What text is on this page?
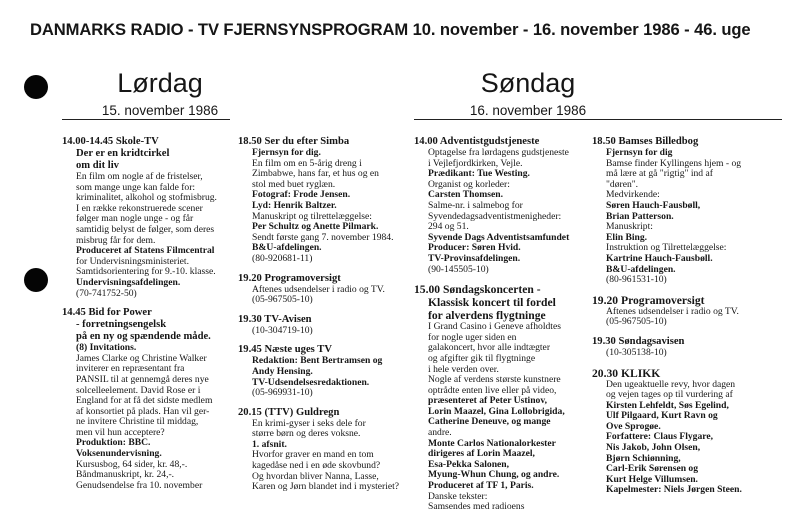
DANMARKS RADIO - TV FJERNSYNSPROGRAM 10. november - 16. november 1986 - 46. uge
Lørdag
15. november 1986
Søndag
16. november 1986
14.00-14.45 Skole-TV
Der er en kridtcirkel
om dit liv
En film om nogle af de fristelser,
som mange unge kan falde for:
kriminalitet, alkohol og stofmisbrug.
I en række rekonstruerede scener
følger man nogle unge - og får
samtidig belyst de følger, som deres
misbrug får for dem.
Produceret af Statens Filmcentral
for Undervisningsministeriet.
Samtidsorientering for 9.-10. klasse.
Undervisningsafdelingen.
(70-741752-50)
14.45 Bid for Power
- forretningsengelsk
på en ny og spændende måde.
(8) Invitations.
James Clarke og Christine Walker
inviterer en repræsentant fra
PANSIL til at gennemgå deres nye
solcelleelement. David Rose er i
England for at få det sidste medlem
af konsortiet på plads. Han vil ger-
ne invitere Christine til middag,
men vil hun acceptere?
Produktion: BBC.
Voksenundervisning.
Kursusbog, 64 sider, kr. 48,-.
Båndmanuskript, kr. 24,-.
Genudsendelse fra 10. november
18.50 Ser du efter Simba
Fjernsyn for dig.
En film om en 5-årig dreng i
Zimbabwe, hans far, et hus og en
stol med buet ryglæn.
Fotograf: Frode Jensen.
Lyd: Henrik Baltzer.
Manuskript og tilrettelæggelse:
Per Schultz og Anette Pilmark.
Sendt første gang 7. november 1984.
B&U-afdelingen.
(80-920681-11)
19.20 Programoversigt
Aftenes udsendelser i radio og TV.
(05-967505-10)
19.30 TV-Avisen
(10-304719-10)
19.45 Næste uges TV
Redaktion: Bent Bertramsen og
Andy Hensing.
TV-Udsendelsesredaktionen.
(05-969931-10)
20.15 (TTV) Guldregn
En krimi-gyser i seks dele for
større børn og deres voksne.
1. afsnit.
Hvorfor graver en mand en tom
kagedåse ned i en øde skovbund?
Og hvordan bliver Nanna, Lasse,
Karen og Jørn blandet ind i mysteriet?
14.00 Adventistgudstjeneste
Optagelse fra lørdagens gudstjeneste
i Vejlefjordkirken, Vejle.
Prædikant: Tue Westing.
Organist og korleder:
Carsten Thomsen.
Salme-nr. i salmebog for
Syvendedagsadventistmenigheder:
294 og 51.
Syvende Dags Adventistsamfundet
Producer: Søren Hvid.
TV-Provinsafdelingen.
(90-145505-10)
15.00 Søndagskoncerten -
Klassisk koncert til fordel
for alverdens flygtninge
I Grand Casino i Geneve afholdtes
for nogle uger siden en
galakoncert, hvor alle indtægter
og afgifter gik til flygtninge
i hele verden over.
Nogle af verdens største kunstnere
optrådte enten live eller på video,
præsenteret af Peter Ustinov,
Lorin Maazel, Gina Lollobrigida,
Catherine Deneuve, og mange
andre.
Monte Carlos Nationalorkester
dirigeres af Lorin Maazel,
Esa-Pekka Salonen,
Myung-Whun Chung, og andre.
Produceret af TF 1, Paris.
Danske tekster:
Samsendes med radioens
18.50 Bamses Billedbog
Fjernsyn for dig
Bamse finder Kyllingens hjem - og
må lære at gå "rigtig" ind af
"døren".
Medvirkende:
Søren Hauch-Fausbøll,
Brian Patterson.
Manuskript:
Elin Bing.
Instruktion og Tilrettelæggelse:
Kartrine Hauch-Fausbøll.
B&U-afdelingen.
(80-961531-10)
19.20 Programoversigt
Aftenes udsendelser i radio og TV.
(05-967505-10)
19.30 Søndagsavisen
(10-305138-10)
20.30 KLIKK
Den ugeaktuelle revy, hvor dagen
og vejen tages op til vurdering af
Kirsten Lehfeldt, Søs Egelind,
Ulf Pilgaard, Kurt Ravn og
Ove Sprogøe.
Forfattere: Claus Flygare,
Nis Jakob, John Olsen,
Bjørn Schiønning,
Carl-Erik Sørensen og
Kurt Helge Villumsen.
Kapelmester: Niels Jørgen Steen.
